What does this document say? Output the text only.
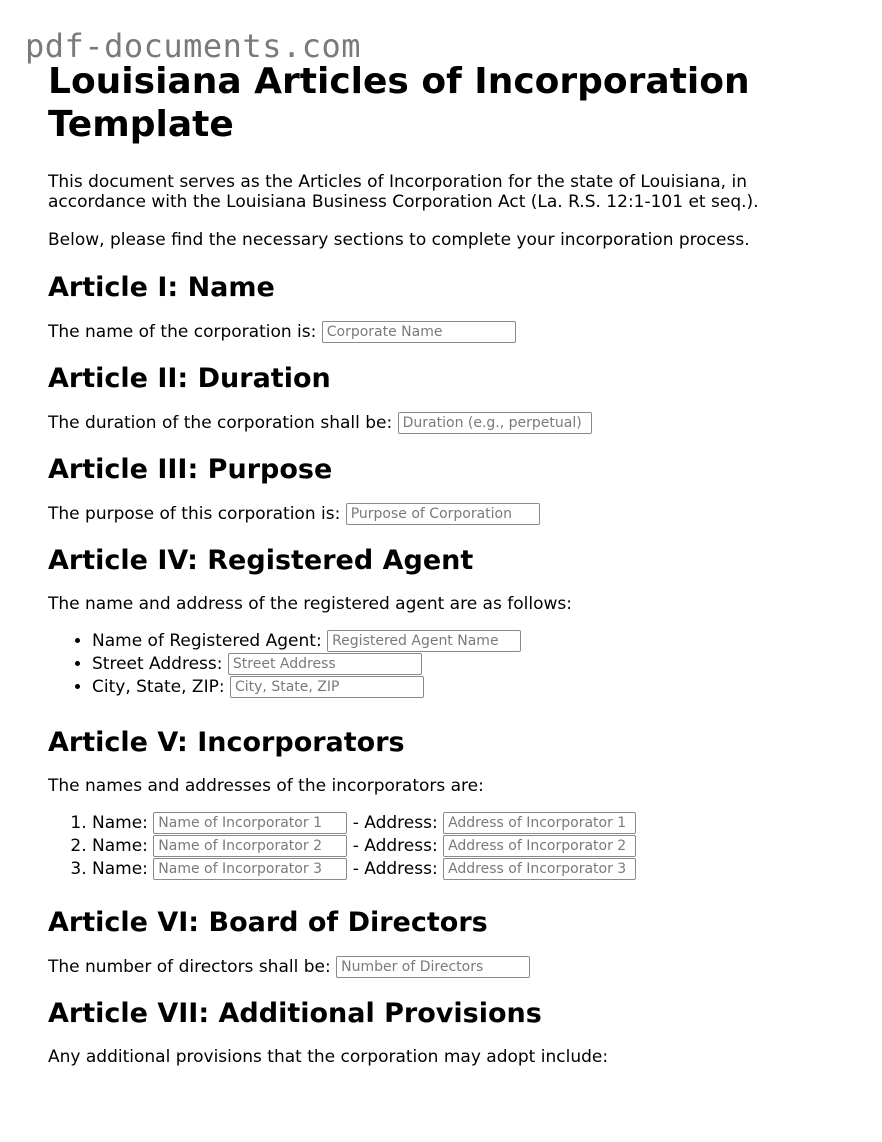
pdf-documents.com
Louisiana Articles of Incorporation Template

This document serves as the Articles of Incorporation for the state of Louisiana, in accordance with the Louisiana Business Corporation Act (La. R.S. 12:1-101 et seq.).

Below, please find the necessary sections to complete your incorporation process.

Article I: Name
The name of the corporation is: Corporate Name
Article II: Duration
The duration of the corporation shall be: Duration (e.g., perpetual)
Article III: Purpose
The purpose of this corporation is: Purpose of Corporation
Article IV: Registered Agent

The name and address of the registered agent are as follows:

• Name of Registered Agent: Registered Agent Name
• Street Address: Street Address
• City, State, ZIP: City, State, ZIP
Article V: Incorporators

The names and addresses of the incorporators are:

1. Name: Name of Incorporator 1 - Address: Address of Incorporator 1
2. Name: Name of Incorporator 2 - Address: Address of Incorporator 2
3. Name: Name of Incorporator 3 - Address: Address of Incorporator 3
Article VI: Board of Directors
The number of directors shall be: Number of Directors
Article VII: Additional Provisions

Any additional provisions that the corporation may adopt include:
